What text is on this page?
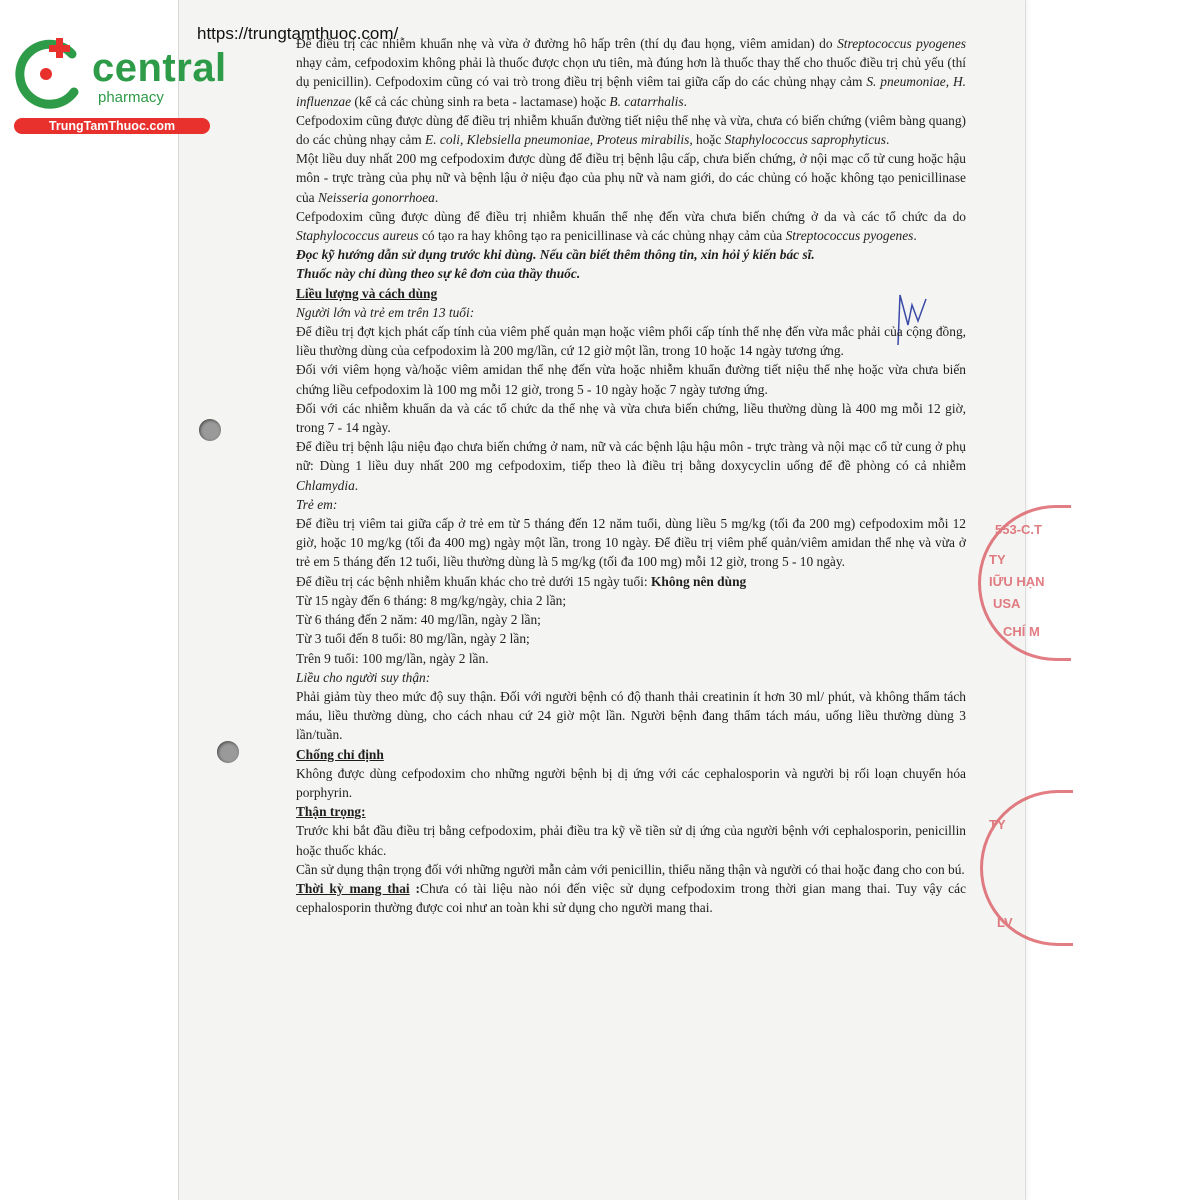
553-C.T
TY
IỮU HẠN
USA
CHÍ M
TY
LV
https://trungtamthuoc.com/
central
pharmacy
TrungTamThuoc.com

Để điều trị các nhiễm khuẩn nhẹ và vừa ở đường hô hấp trên (thí dụ đau họng, viêm amidan) do Streptococcus pyogenes nhạy cảm, cefpodoxim không phải là thuốc được chọn ưu tiên, mà đúng hơn là thuốc thay thế cho thuốc điều trị chủ yếu (thí dụ penicillin). Cefpodoxim cũng có vai trò trong điều trị bệnh viêm tai giữa cấp do các chủng nhạy cảm S. pneumoniae, H. influenzae (kể cả các chủng sinh ra beta - lactamase) hoặc B. catarrhalis.

Cefpodoxim cũng được dùng để điều trị nhiễm khuẩn đường tiết niệu thể nhẹ và vừa, chưa có biến chứng (viêm bàng quang) do các chủng nhạy cảm E. coli, Klebsiella pneumoniae, Proteus mirabilis, hoặc Staphylococcus saprophyticus.

Một liều duy nhất 200 mg cefpodoxim được dùng để điều trị bệnh lậu cấp, chưa biến chứng, ở nội mạc cổ tử cung hoặc hậu môn - trực tràng của phụ nữ và bệnh lậu ở niệu đạo của phụ nữ và nam giới, do các chủng có hoặc không tạo penicillinase của Neisseria gonorrhoea.

Cefpodoxim cũng được dùng để điều trị nhiễm khuẩn thể nhẹ đến vừa chưa biến chứng ở da và các tổ chức da do Staphylococcus aureus có tạo ra hay không tạo ra penicillinase và các chủng nhạy cảm của Streptococcus pyogenes.

Đọc kỹ hướng dẫn sử dụng trước khi dùng. Nếu cần biết thêm thông tin, xin hỏi ý kiến bác sĩ.

Thuốc này chỉ dùng theo sự kê đơn của thầy thuốc.

Liều lượng và cách dùng

Người lớn và trẻ em trên 13 tuổi:

Để điều trị đợt kịch phát cấp tính của viêm phế quản mạn hoặc viêm phổi cấp tính thể nhẹ đến vừa mắc phải của cộng đồng, liều thường dùng của cefpodoxim là 200 mg/lần, cứ 12 giờ một lần, trong 10 hoặc 14 ngày tương ứng.

Đối với viêm họng và/hoặc viêm amidan thể nhẹ đến vừa hoặc nhiễm khuẩn đường tiết niệu thể nhẹ hoặc vừa chưa biến chứng liều cefpodoxim là 100 mg mỗi 12 giờ, trong 5 - 10 ngày hoặc 7 ngày tương ứng.

Đối với các nhiễm khuẩn da và các tổ chức da thể nhẹ và vừa chưa biến chứng, liều thường dùng là 400 mg mỗi 12 giờ, trong 7 - 14 ngày.

Để điều trị bệnh lậu niệu đạo chưa biến chứng ở nam, nữ và các bệnh lậu hậu môn - trực tràng và nội mạc cổ tử cung ở phụ nữ: Dùng 1 liều duy nhất 200 mg cefpodoxim, tiếp theo là điều trị bằng doxycyclin uống để đề phòng có cả nhiễm Chlamydia.

Trẻ em:

Để điều trị viêm tai giữa cấp ở trẻ em từ 5 tháng đến 12 năm tuổi, dùng liều 5 mg/kg (tối đa 200 mg) cefpodoxim mỗi 12 giờ, hoặc 10 mg/kg (tối đa 400 mg) ngày một lần, trong 10 ngày. Để điều trị viêm phế quản/viêm amidan thể nhẹ và vừa ở trẻ em 5 tháng đến 12 tuổi, liều thường dùng là 5 mg/kg (tối đa 100 mg) mỗi 12 giờ, trong 5 - 10 ngày.

Để điều trị các bệnh nhiễm khuẩn khác cho trẻ dưới 15 ngày tuổi: Không nên dùng

Từ 15 ngày đến 6 tháng: 8 mg/kg/ngày, chia 2 lần;

Từ 6 tháng đến 2 năm: 40 mg/lần, ngày 2 lần;

Từ 3 tuổi đến 8 tuổi: 80 mg/lần, ngày 2 lần;

Trên 9 tuổi: 100 mg/lần, ngày 2 lần.

Liều cho người suy thận:

Phải giảm tùy theo mức độ suy thận. Đối với người bệnh có độ thanh thải creatinin ít hơn 30 ml/ phút, và không thẩm tách máu, liều thường dùng, cho cách nhau cứ 24 giờ một lần. Người bệnh đang thẩm tách máu, uống liều thường dùng 3 lần/tuần.

Chống chỉ định

Không được dùng cefpodoxim cho những người bệnh bị dị ứng với các cephalosporin và người bị rối loạn chuyển hóa porphyrin.

Thận trọng:

Trước khi bắt đầu điều trị bằng cefpodoxim, phải điều tra kỹ về tiền sử dị ứng của người bệnh với cephalosporin, penicillin hoặc thuốc khác.

Cần sử dụng thận trọng đối với những người mẫn cảm với penicillin, thiểu năng thận và người có thai hoặc đang cho con bú.

Thời kỳ mang thai :Chưa có tài liệu nào nói đến việc sử dụng cefpodoxim trong thời gian mang thai. Tuy vậy các cephalosporin thường được coi như an toàn khi sử dụng cho người mang thai.
